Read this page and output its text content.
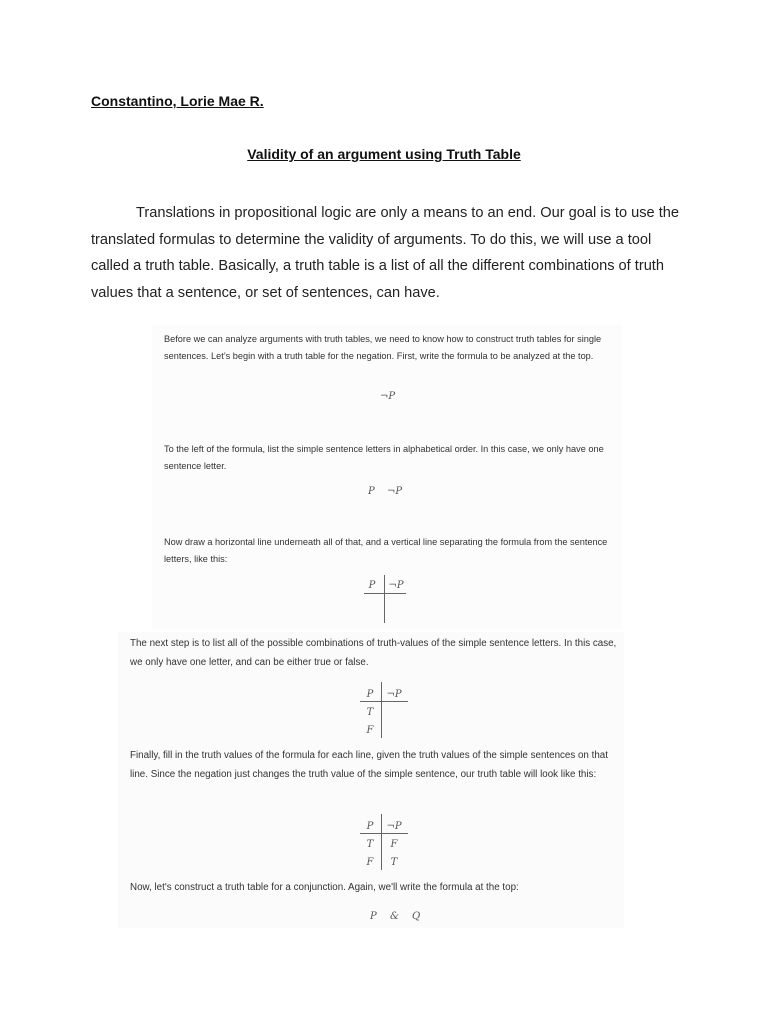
Constantino, Lorie Mae R.
Validity of an argument using Truth Table

Translations in propositional logic are only a means to an end. Our goal is to use the translated formulas to determine the validity of arguments. To do this, we will use a tool called a truth table. Basically, a truth table is a list of all the different combinations of truth values that a sentence, or set of sentences, can have.

Before we can analyze arguments with truth tables, we need to know how to construct truth tables for single sentences. Let’s begin with a truth table for the negation. First, write the formula to be analyzed at the top.

¬P

To the left of the formula, list the simple sentence letters in alphabetical order. In this case, we only have one sentence letter.

P ¬P

Now draw a horizontal line underneath all of that, and a vertical line separating the formula from the sentence letters, like this:

P	¬P

The next step is to list all of the possible combinations of truth-values of the simple sentence letters. In this case, we only have one letter, and can be either true or false.

P	¬P
T
F

Finally, fill in the truth values of the formula for each line, given the truth values of the simple sentences on that line. Since the negation just changes the truth value of the simple sentence, our truth table will look like this:

P	¬P
T	F
F	T

Now, let's construct a truth table for a conjunction. Again, we'll write the formula at the top:

P & Q
